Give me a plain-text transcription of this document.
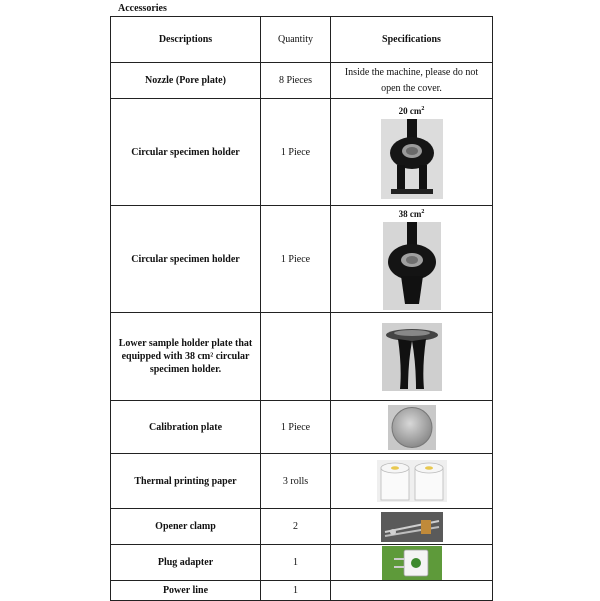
Accessories
Descriptions	Quantity	Specifications
Nozzle (Pore plate)	8 Pieces	Inside the machine, please do not open the cover.
Circular specimen holder	1 Piece	20 $cm^2$

Circular specimen holder	1 Piece	38 $cm^2$

Lower sample holder plate that equipped with 38 cm² circular specimen holder.		

Calibration plate	1 Piece	

Thermal printing paper	3 rolls	

Opener clamp	2	

Plug adapter	1	

Power line	1	
